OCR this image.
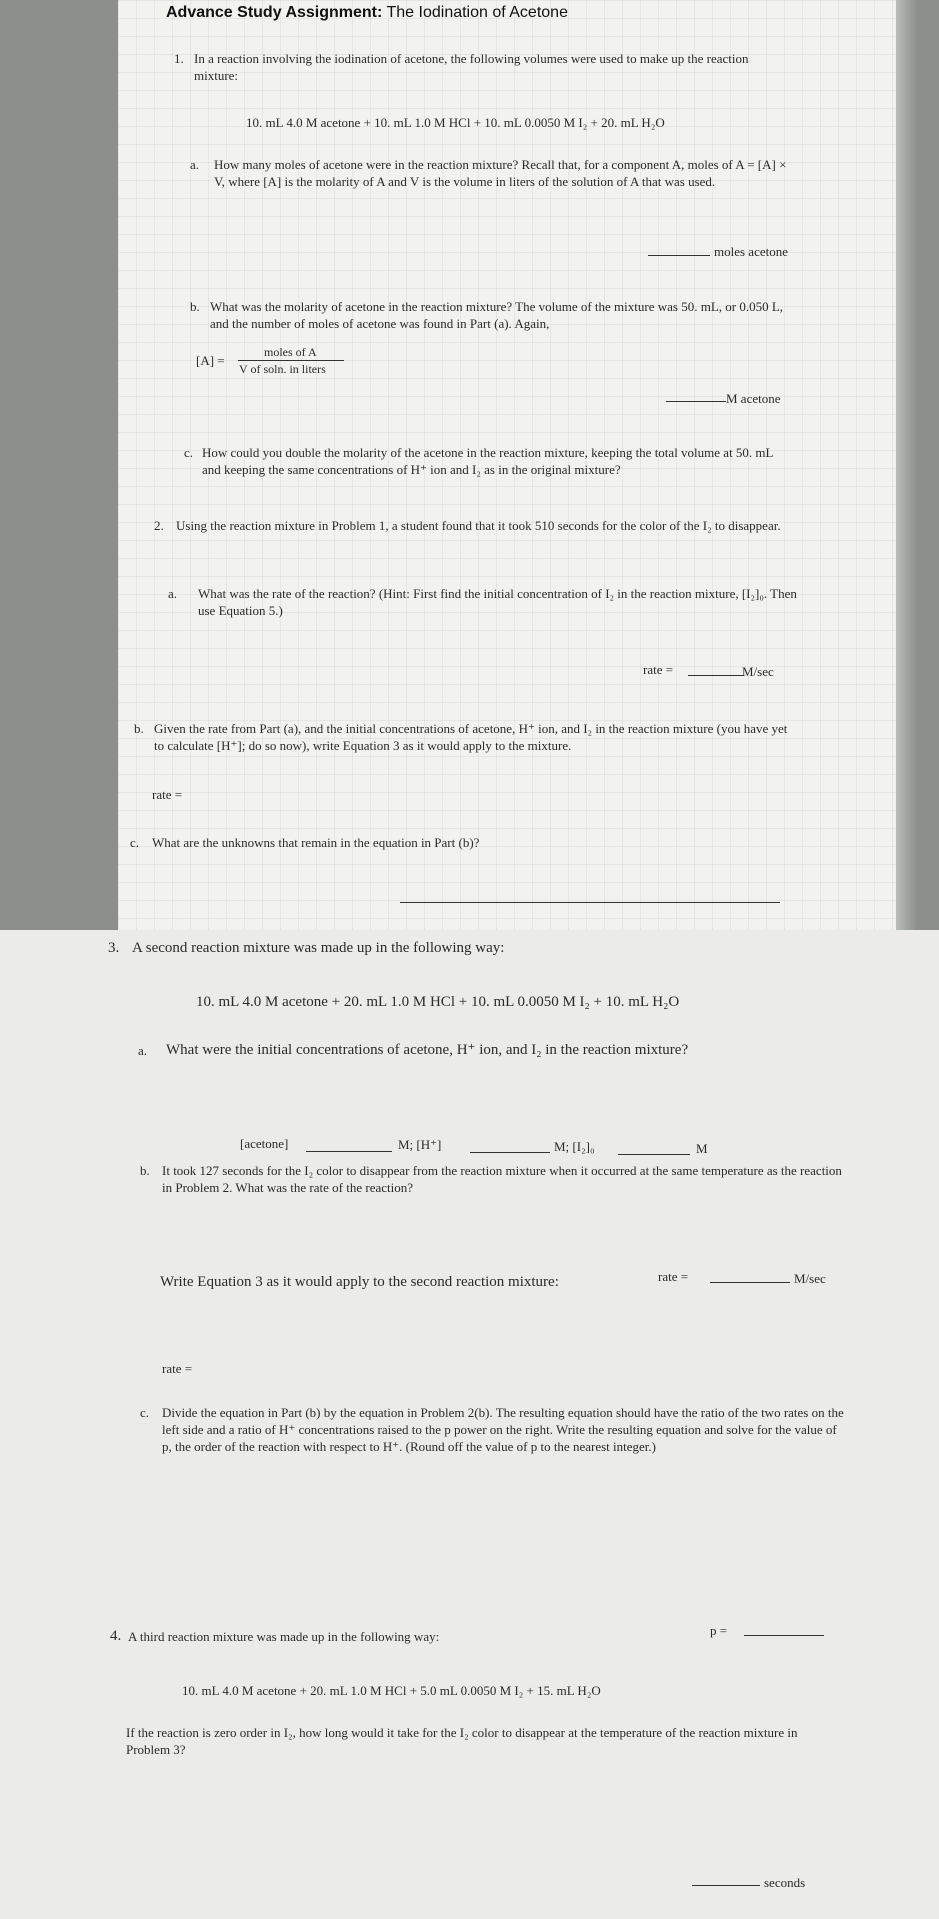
Advance Study Assignment: The Iodination of Acetone
1. In a reaction involving the iodination of acetone, the following volumes were used to make up the reaction mixture:
10. mL 4.0 M acetone + 10. mL 1.0 M HCl + 10. mL 0.0050 M I₂ + 20. mL H₂O
a. How many moles of acetone were in the reaction mixture? Recall that, for a component A, moles of A = [A] × V, where [A] is the molarity of A and V is the volume in liters of the solution of A that was used.
moles acetone
b. What was the molarity of acetone in the reaction mixture? The volume of the mixture was 50. mL, or 0.050 L, and the number of moles of acetone was found in Part (a). Again,
[A] =
moles of A
V of soln. in liters
M acetone
c. How could you double the molarity of the acetone in the reaction mixture, keeping the total volume at 50. mL and keeping the same concentrations of H⁺ ion and I₂ as in the original mixture?
2. Using the reaction mixture in Problem 1, a student found that it took 510 seconds for the color of the I₂ to disappear.
a. What was the rate of the reaction? (Hint: First find the initial concentration of I₂ in the reaction mixture, [I₂]₀. Then use Equation 5.)
rate =	M/sec
b. Given the rate from Part (a), and the initial concentrations of acetone, H⁺ ion, and I₂ in the reaction mixture (you have yet to calculate [H⁺]; do so now), write Equation 3 as it would apply to the mixture.
rate =
c. What are the unknowns that remain in the equation in Part (b)?
3. A second reaction mixture was made up in the following way:
10. mL 4.0 M acetone + 20. mL 1.0 M HCl + 10. mL 0.0050 M I₂ + 10. mL H₂O
a. What were the initial concentrations of acetone, H⁺ ion, and I₂ in the reaction mixture?
[acetone]	M; [H⁺]	M; [I₂]₀	M
b. It took 127 seconds for the I₂ color to disappear from the reaction mixture when it occurred at the same temperature as the reaction in Problem 2. What was the rate of the reaction?
rate =	M/sec
Write Equation 3 as it would apply to the second reaction mixture:
rate =
c. Divide the equation in Part (b) by the equation in Problem 2(b). The resulting equation should have the ratio of the two rates on the left side and a ratio of H⁺ concentrations raised to the p power on the right. Write the resulting equation and solve for the value of p, the order of the reaction with respect to H⁺. (Round off the value of p to the nearest integer.)
p =
4. A third reaction mixture was made up in the following way:
10. mL 4.0 M acetone + 20. mL 1.0 M HCl + 5.0 mL 0.0050 M I₂ + 15. mL H₂O
If the reaction is zero order in I₂, how long would it take for the I₂ color to disappear at the temperature of the reaction mixture in Problem 3?
seconds
